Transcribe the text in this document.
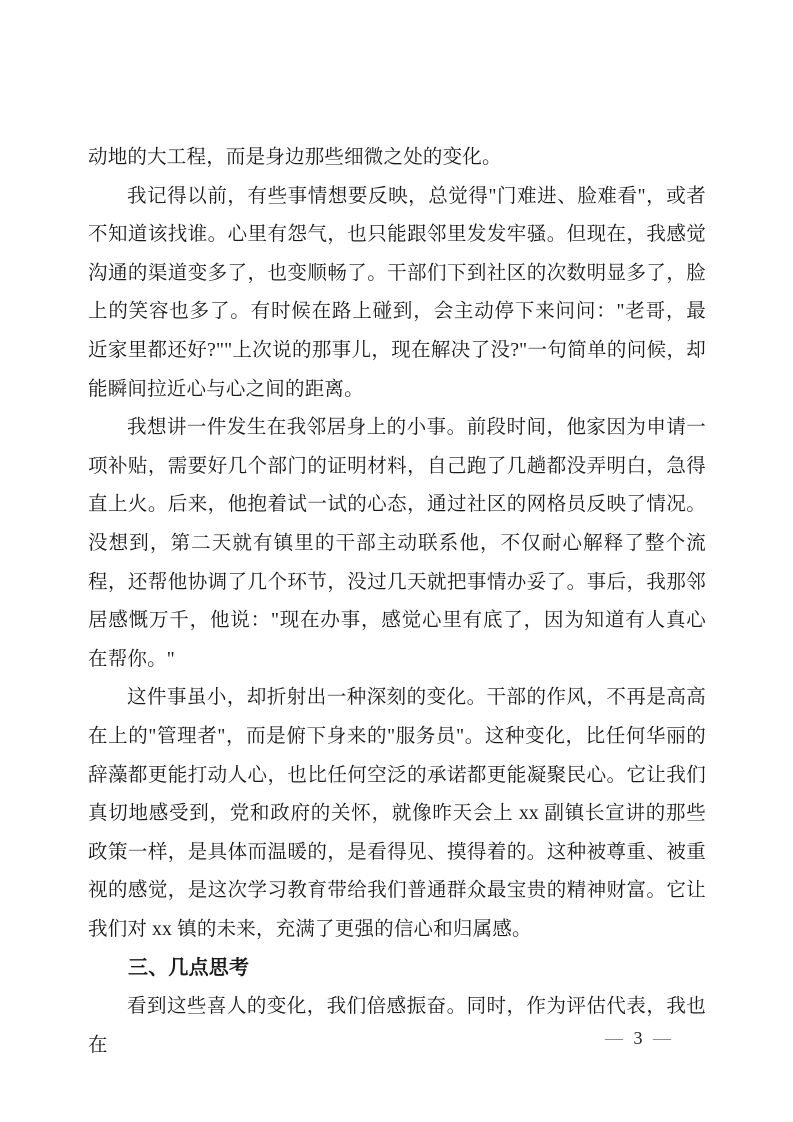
动地的大工程，而是身边那些细微之处的变化。

我记得以前，有些事情想要反映，总觉得"门难进、脸难看"，或者不知道该找谁。心里有怨气，也只能跟邻里发发牢骚。但现在，我感觉沟通的渠道变多了，也变顺畅了。干部们下到社区的次数明显多了，脸上的笑容也多了。有时候在路上碰到，会主动停下来问问："老哥，最近家里都还好?""上次说的那事儿，现在解决了没?"一句简单的问候，却能瞬间拉近心与心之间的距离。

我想讲一件发生在我邻居身上的小事。前段时间，他家因为申请一项补贴，需要好几个部门的证明材料，自己跑了几趟都没弄明白，急得直上火。后来，他抱着试一试的心态，通过社区的网格员反映了情况。没想到，第二天就有镇里的干部主动联系他，不仅耐心解释了整个流程，还帮他协调了几个环节，没过几天就把事情办妥了。事后，我那邻居感慨万千，他说："现在办事，感觉心里有底了，因为知道有人真心在帮你。"

这件事虽小，却折射出一种深刻的变化。干部的作风，不再是高高在上的"管理者"，而是俯下身来的"服务员"。这种变化，比任何华丽的辞藻都更能打动人心，也比任何空泛的承诺都更能凝聚民心。它让我们真切地感受到，党和政府的关怀，就像昨天会上 xx 副镇长宣讲的那些政策一样，是具体而温暖的，是看得见、摸得着的。这种被尊重、被重视的感觉，是这次学习教育带给我们普通群众最宝贵的精神财富。它让我们对 xx 镇的未来，充满了更强的信心和归属感。

三、几点思考

看到这些喜人的变化，我们倍感振奋。同时，作为评估代表，我也在	— 3 —
